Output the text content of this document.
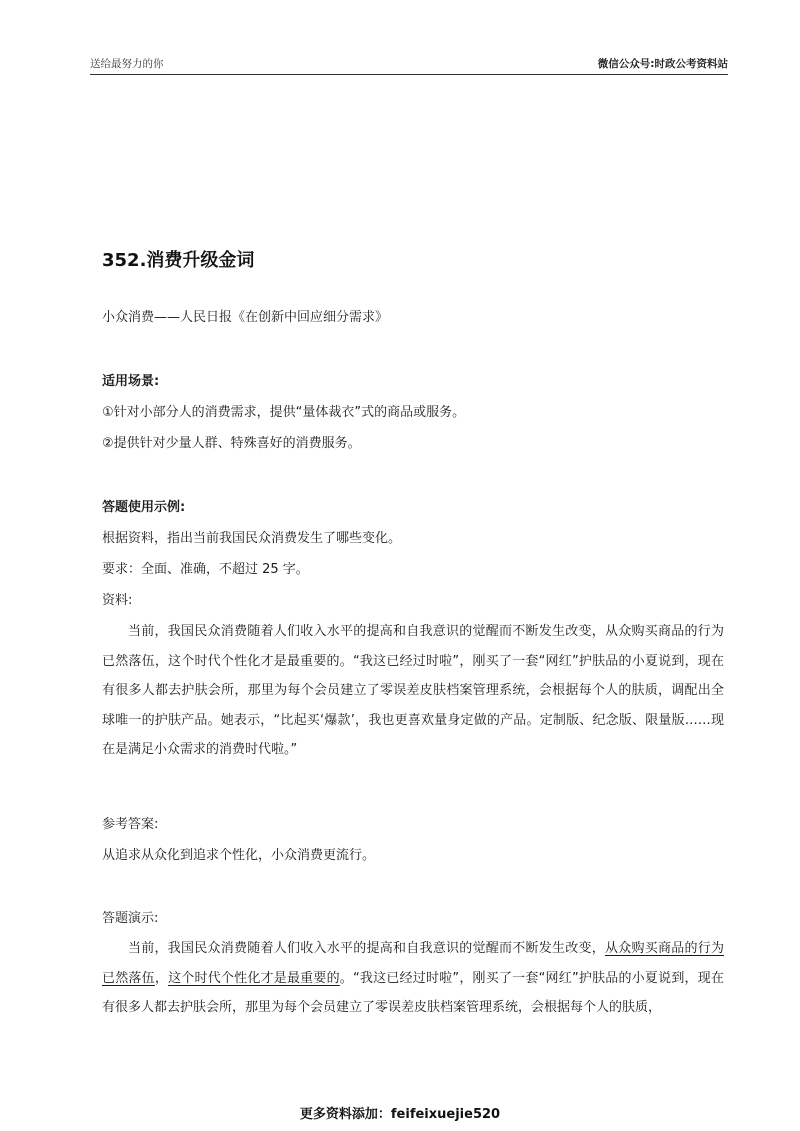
送给最努力的你	微信公众号:时政公考资料站
352.消费升级金词
小众消费——人民日报《在创新中回应细分需求》
适用场景:
①针对小部分人的消费需求，提供“量体裁衣”式的商品或服务。
②提供针对少量人群、特殊喜好的消费服务。
答题使用示例:
根据资料，指出当前我国民众消费发生了哪些变化。
要求：全面、准确，不超过 25 字。
资料:
当前，我国民众消费随着人们收入水平的提高和自我意识的觉醒而不断发生改变，从众购买商品的行为已然落伍，这个时代个性化才是最重要的。“我这已经过时啦”，刚买了一套“网红”护肤品的小夏说到，现在有很多人都去护肤会所，那里为每个会员建立了零误差皮肤档案管理系统，会根据每个人的肤质，调配出全球唯一的护肤产品。她表示，“比起买‘爆款’，我也更喜欢量身定做的产品。定制版、纪念版、限量版……现在是满足小众需求的消费时代啦。”
参考答案:
从追求从众化到追求个性化，小众消费更流行。
答题演示:
当前，我国民众消费随着人们收入水平的提高和自我意识的觉醒而不断发生改变，从众购买商品的行为已然落伍，这个时代个性化才是最重要的。“我这已经过时啦”，刚买了一套“网红”护肤品的小夏说到，现在有很多人都去护肤会所，那里为每个会员建立了零误差皮肤档案管理系统，会根据每个人的肤质，
更多资料添加：feifeixuejie520
